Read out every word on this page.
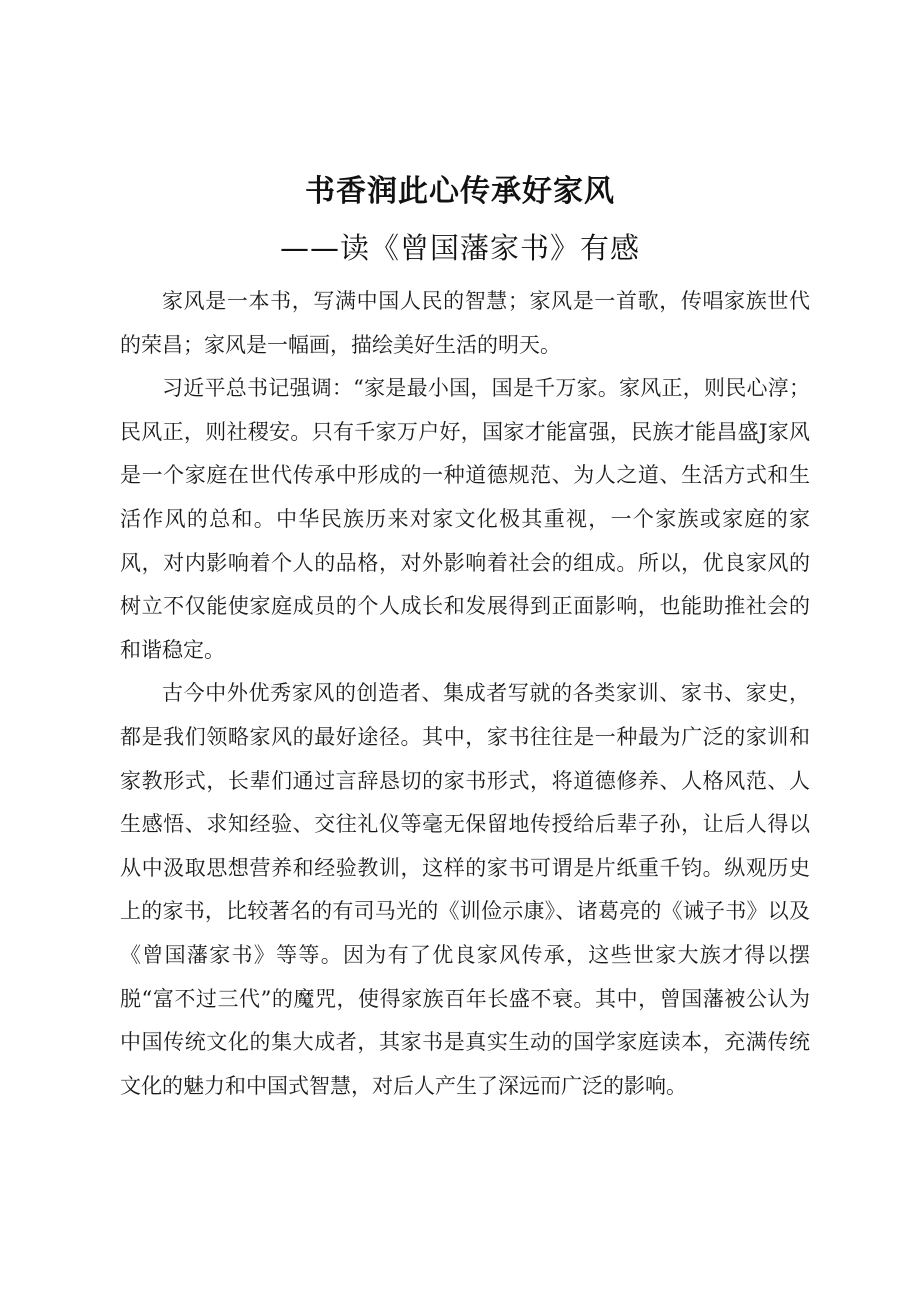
书香润此心传承好家风
——读《曾国藩家书》有感

家风是一本书，写满中国人民的智慧；家风是一首歌，传唱家族世代的荣昌；家风是一幅画，描绘美好生活的明天。

习近平总书记强调：“家是最小国，国是千万家。家风正，则民心淳；民风正，则社稷安。只有千家万户好，国家才能富强，民族才能昌盛J家风是一个家庭在世代传承中形成的一种道德规范、为人之道、生活方式和生活作风的总和。中华民族历来对家文化极其重视，一个家族或家庭的家风，对内影响着个人的品格，对外影响着社会的组成。所以，优良家风的树立不仅能使家庭成员的个人成长和发展得到正面影响，也能助推社会的和谐稳定。

古今中外优秀家风的创造者、集成者写就的各类家训、家书、家史，都是我们领略家风的最好途径。其中，家书往往是一种最为广泛的家训和家教形式，长辈们通过言辞恳切的家书形式，将道德修养、人格风范、人生感悟、求知经验、交往礼仪等毫无保留地传授给后辈子孙，让后人得以从中汲取思想营养和经验教训，这样的家书可谓是片纸重千钧。纵观历史上的家书，比较著名的有司马光的《训俭示康》、诸葛亮的《诫子书》以及《曾国藩家书》等等。因为有了优良家风传承，这些世家大族才得以摆脱“富不过三代”的魔咒，使得家族百年长盛不衰。其中，曾国藩被公认为中国传统文化的集大成者，其家书是真实生动的国学家庭读本，充满传统文化的魅力和中国式智慧，对后人产生了深远而广泛的影响。
